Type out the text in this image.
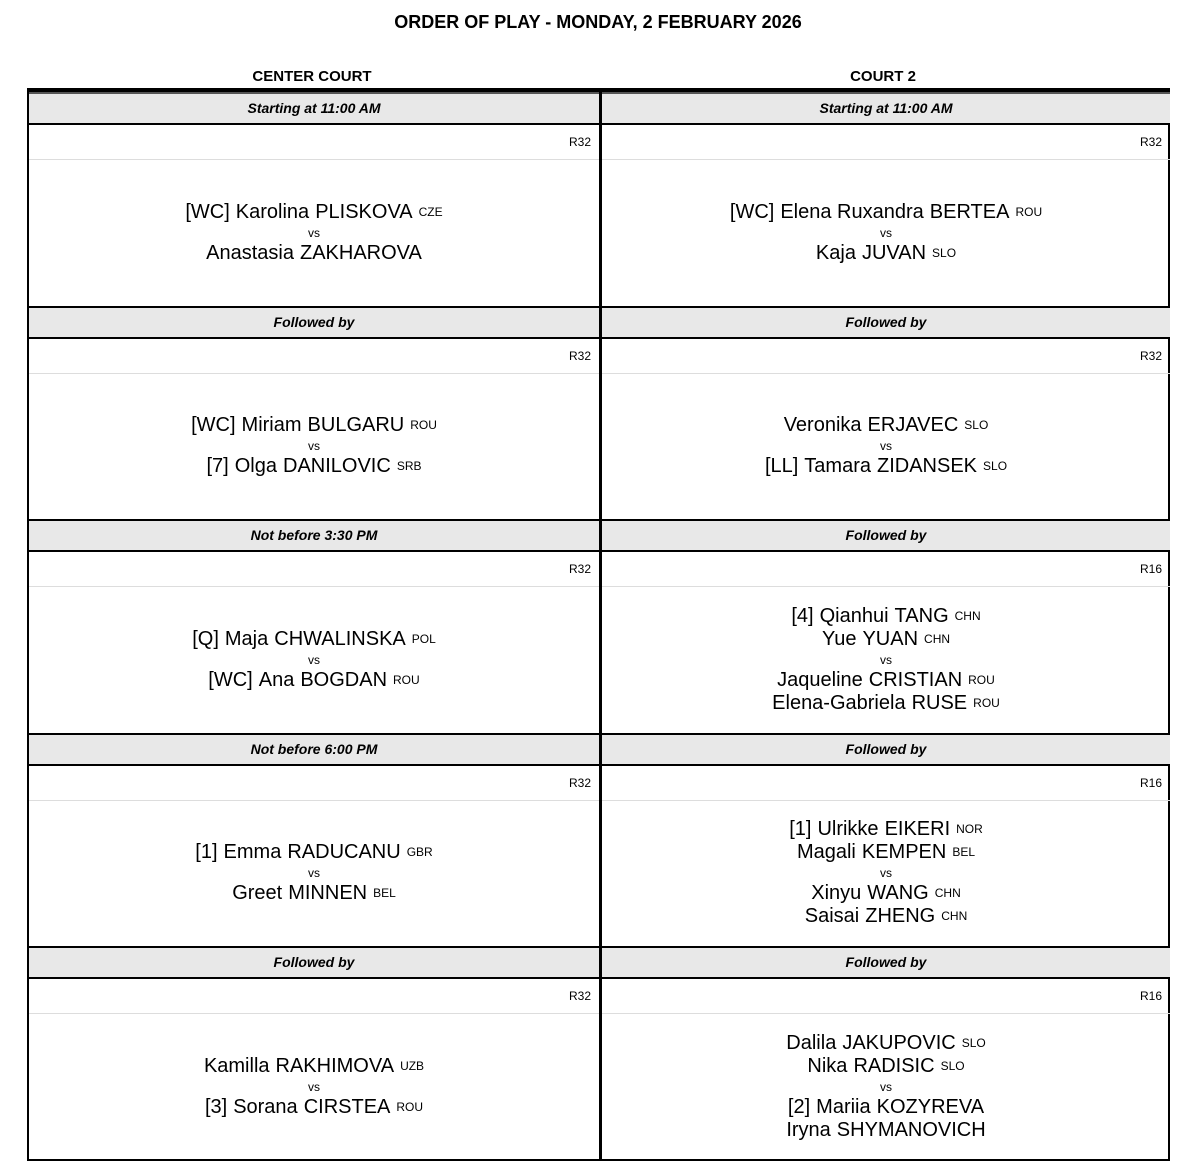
ORDER OF PLAY - MONDAY, 2 FEBRUARY 2026
CENTER COURT	COURT 2
Starting at 11:00 AM
R32
[WC] Karolina PLISKOVA CZE
vs
Anastasia ZAKHAROVA
Followed by
R32
[WC] Miriam BULGARU ROU
vs
[7] Olga DANILOVIC SRB
Not before 3:30 PM
R32
[Q] Maja CHWALINSKA POL
vs
[WC] Ana BOGDAN ROU
Not before 6:00 PM
R32
[1] Emma RADUCANU GBR
vs
Greet MINNEN BEL
Followed by
R32
Kamilla RAKHIMOVA UZB
vs
[3] Sorana CIRSTEA ROU
Starting at 11:00 AM
R32
[WC] Elena Ruxandra BERTEA ROU
vs
Kaja JUVAN SLO
Followed by
R32
Veronika ERJAVEC SLO
vs
[LL] Tamara ZIDANSEK SLO
Followed by
R16
[4] Qianhui TANG CHN
Yue YUAN CHN
vs
Jaqueline CRISTIAN ROU
Elena-Gabriela RUSE ROU
Followed by
R16
[1] Ulrikke EIKERI NOR
Magali KEMPEN BEL
vs
Xinyu WANG CHN
Saisai ZHENG CHN
Followed by
R16
Dalila JAKUPOVIC SLO
Nika RADISIC SLO
vs
[2] Mariia KOZYREVA
Iryna SHYMANOVICH
